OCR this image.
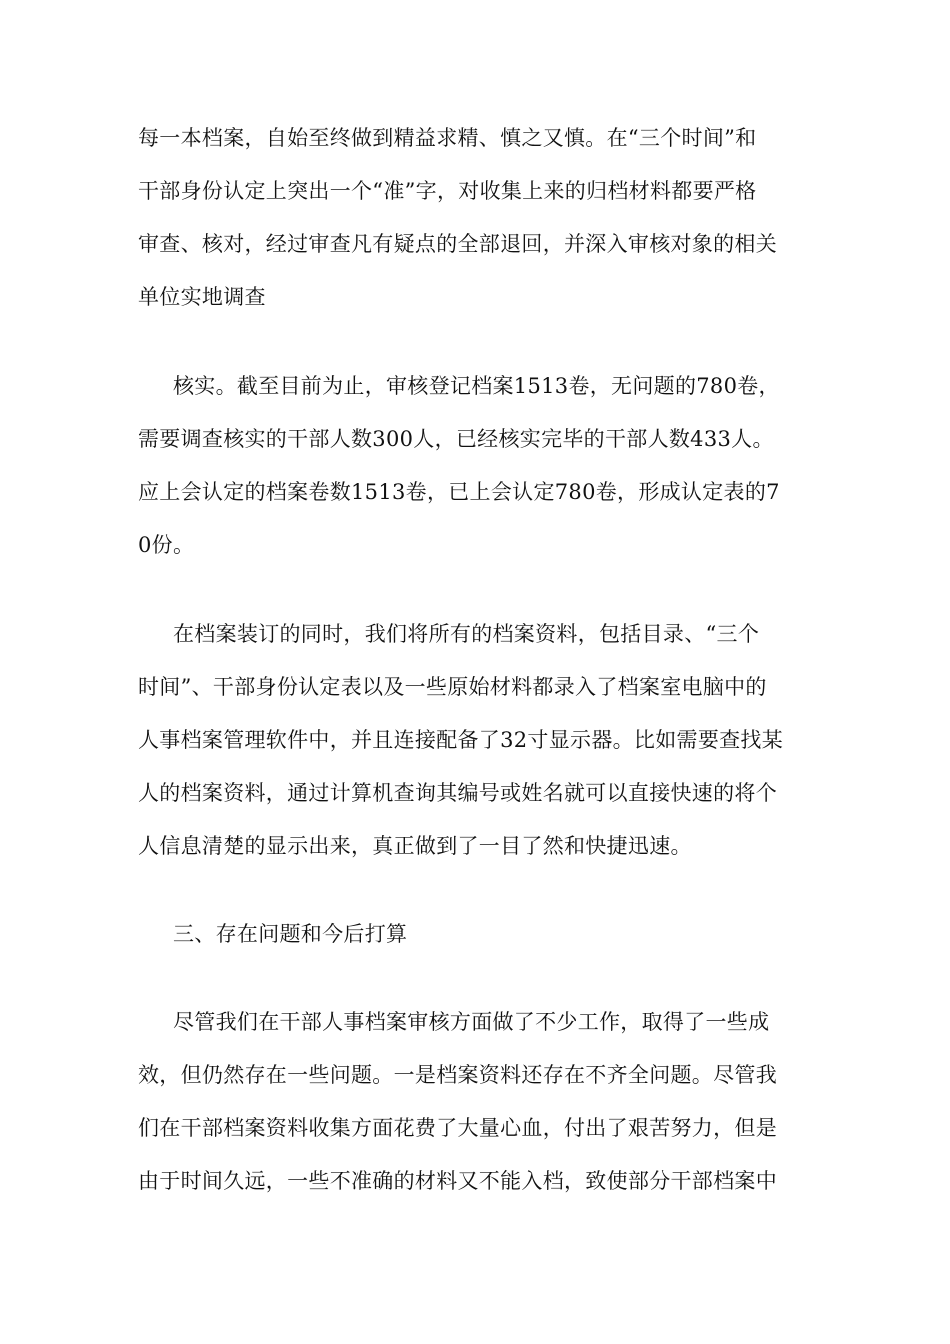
每一本档案，自始至终做到精益求精、慎之又慎。在“三个时间”和
干部身份认定上突出一个“准”字，对收集上来的归档材料都要严格
审查、核对，经过审查凡有疑点的全部退回，并深入审核对象的相关
单位实地调查
核实。截至目前为止，审核登记档案1513卷，无问题的780卷，
需要调查核实的干部人数300人，已经核实完毕的干部人数433人。
应上会认定的档案卷数1513卷，已上会认定780卷，形成认定表的7
0份。
在档案装订的同时，我们将所有的档案资料，包括目录、“三个
时间”、干部身份认定表以及一些原始材料都录入了档案室电脑中的
人事档案管理软件中，并且连接配备了32寸显示器。比如需要查找某
人的档案资料，通过计算机查询其编号或姓名就可以直接快速的将个
人信息清楚的显示出来，真正做到了一目了然和快捷迅速。
三、存在问题和今后打算
尽管我们在干部人事档案审核方面做了不少工作，取得了一些成
效，但仍然存在一些问题。一是档案资料还存在不齐全问题。尽管我
们在干部档案资料收集方面花费了大量心血，付出了艰苦努力，但是
由于时间久远，一些不准确的材料又不能入档，致使部分干部档案中
